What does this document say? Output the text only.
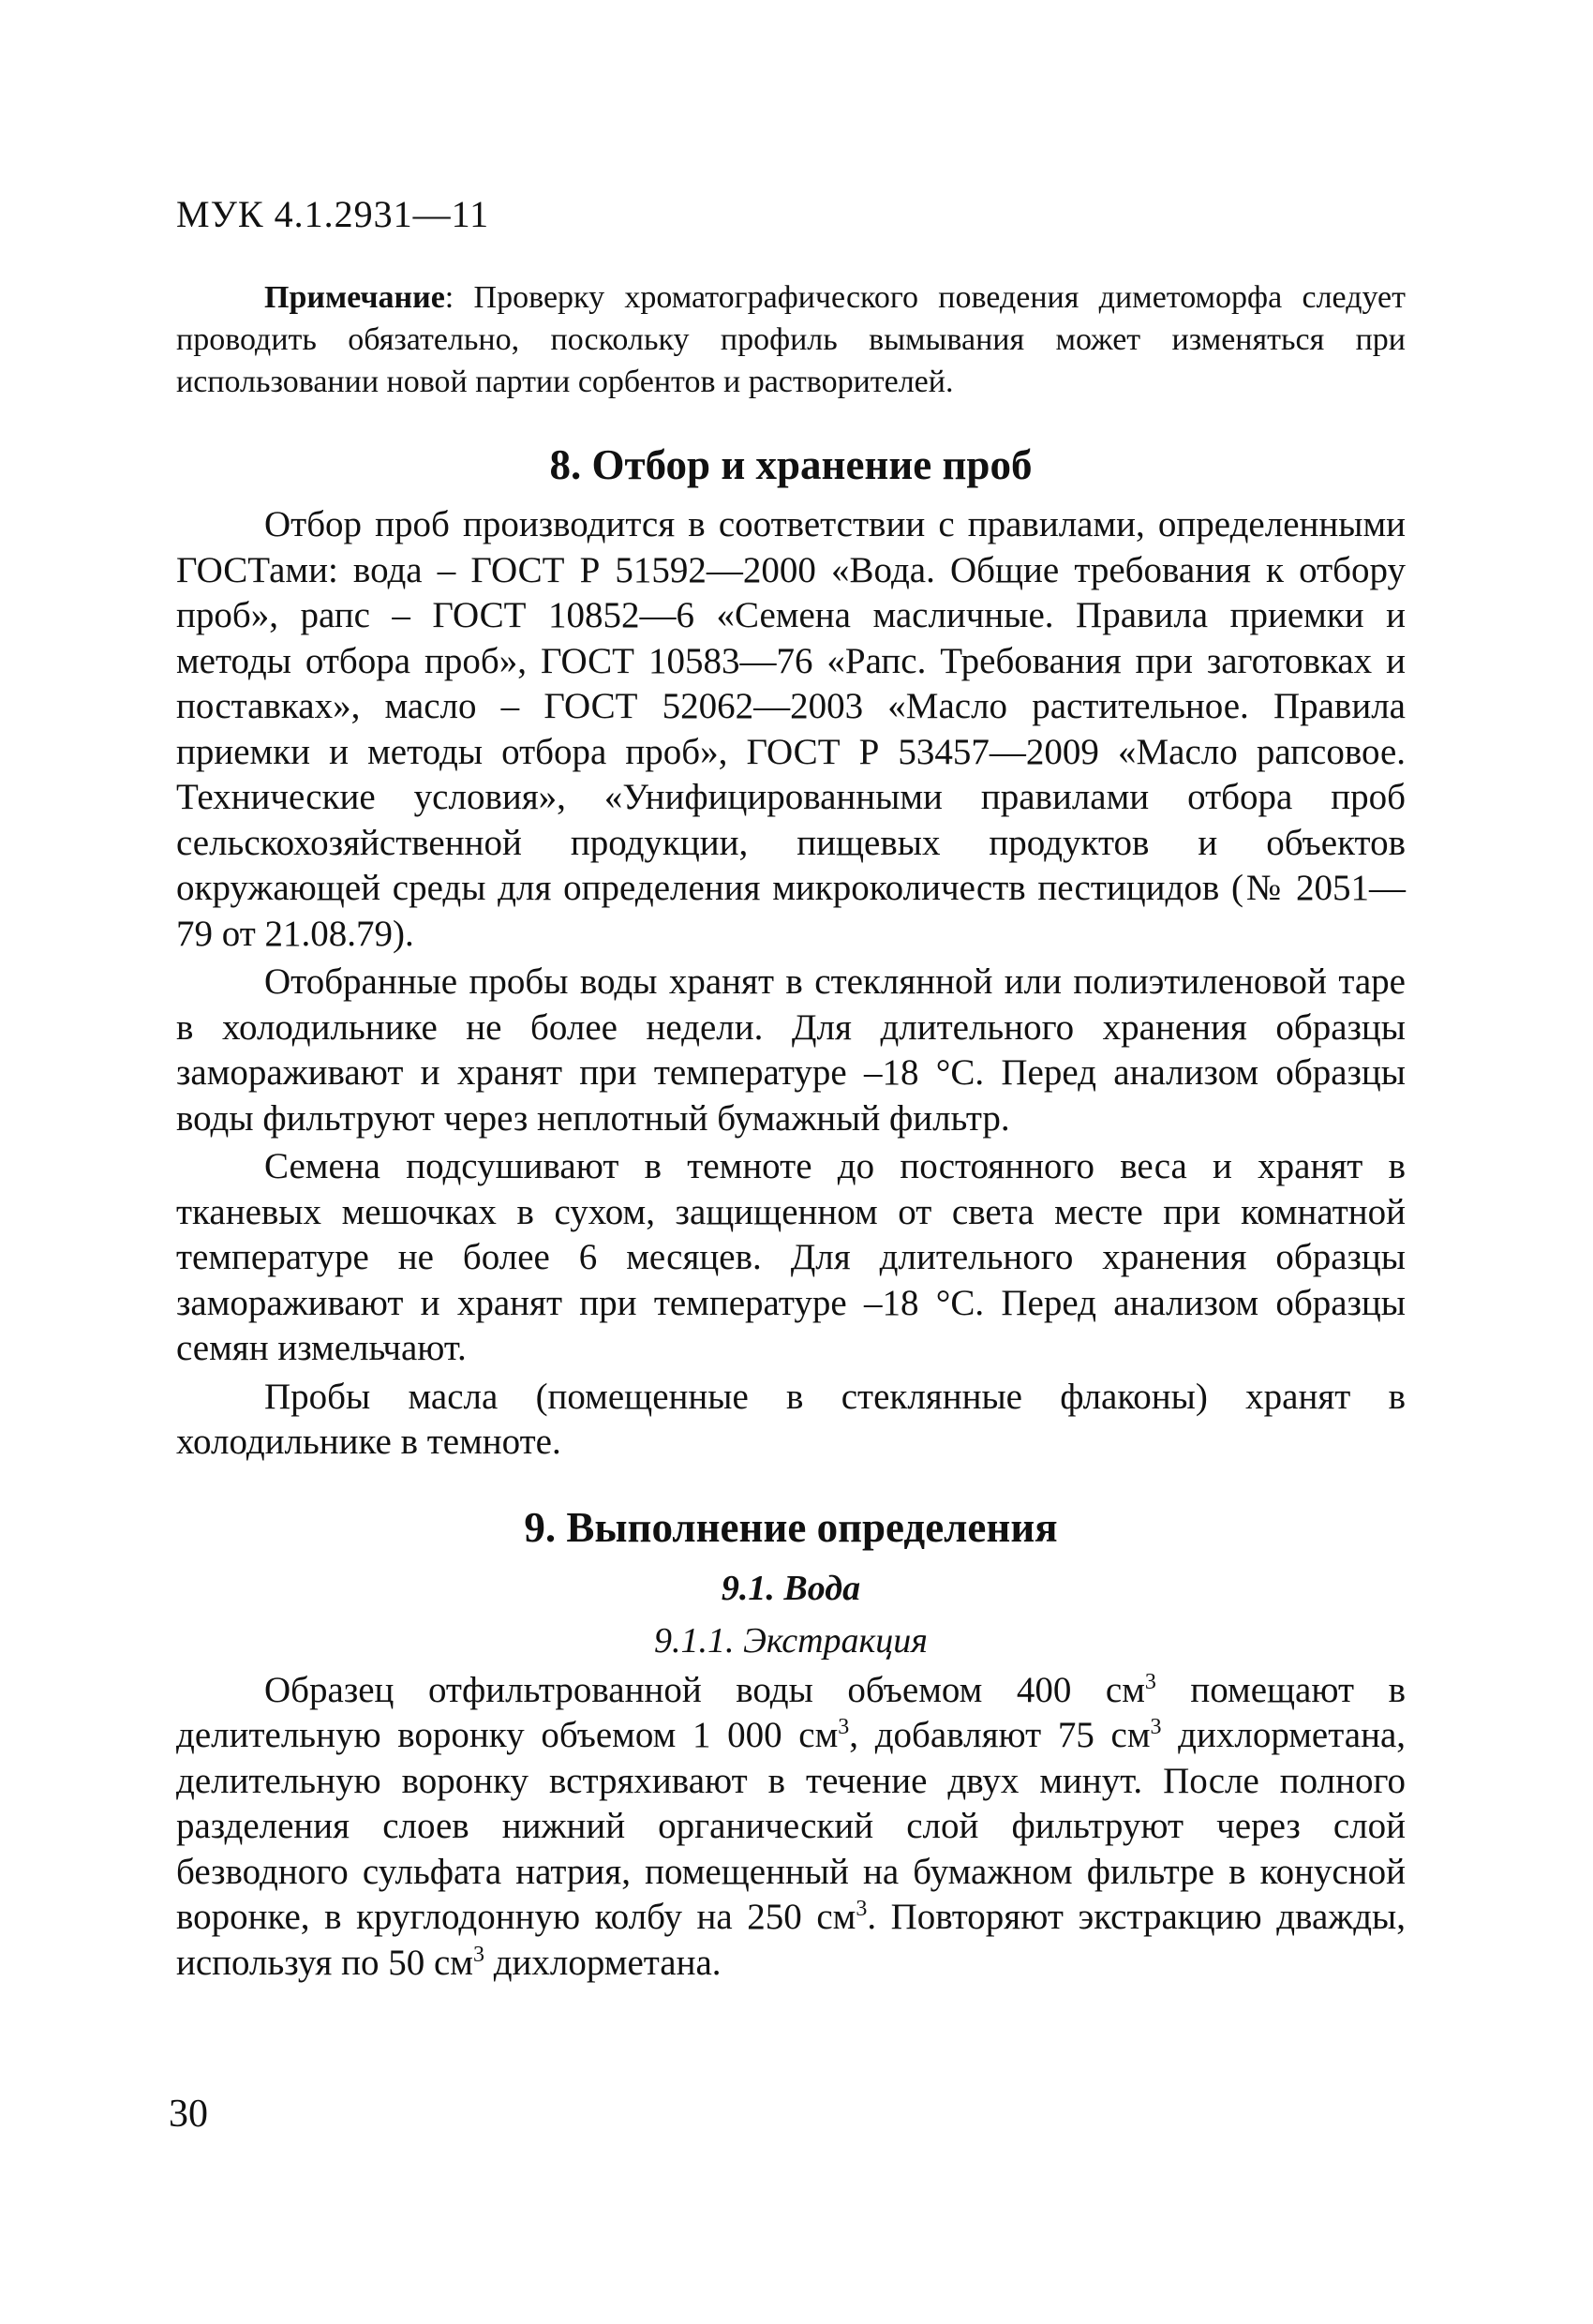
МУК 4.1.2931—11

Примечание: Проверку хроматографического поведения диметоморфа следует проводить обязательно, поскольку профиль вымывания может изменяться при использовании новой партии сорбентов и растворителей.

8. Отбор и хранение проб

Отбор проб производится в соответствии с правилами, определенными ГОСТами: вода – ГОСТ Р 51592—2000 «Вода. Общие требования к отбору проб», рапс – ГОСТ 10852—6 «Семена масличные. Правила приемки и методы отбора проб», ГОСТ 10583—76 «Рапс. Требования при заготовках и поставках», масло – ГОСТ 52062—2003 «Масло растительное. Правила приемки и методы отбора проб», ГОСТ Р 53457—2009 «Масло рапсовое. Технические условия», «Унифицированными правилами отбора проб сельскохозяйственной продукции, пищевых продуктов и объектов окружающей среды для определения микроколичеств пестицидов (№ 2051—79 от 21.08.79).

Отобранные пробы воды хранят в стеклянной или полиэтиленовой таре в холодильнике не более недели. Для длительного хранения образцы замораживают и хранят при температуре –18 °С. Перед анализом образцы воды фильтруют через неплотный бумажный фильтр.

Семена подсушивают в темноте до постоянного веса и хранят в тканевых мешочках в сухом, защищенном от света месте при комнатной температуре не более 6 месяцев. Для длительного хранения образцы замораживают и хранят при температуре –18 °С. Перед анализом образцы семян измельчают.

Пробы масла (помещенные в стеклянные флаконы) хранят в холодильнике в темноте.

9. Выполнение определения
9.1. Вода
9.1.1. Экстракция

Образец отфильтрованной воды объемом 400 $см^3$ помещают в делительную воронку объемом 1 000 $см^3$, добавляют 75 $см^3$ дихлорметана, делительную воронку встряхивают в течение двух минут. После полного разделения слоев нижний органический слой фильтруют через слой безводного сульфата натрия, помещенный на бумажном фильтре в конусной воронке, в круглодонную колбу на 250 $см^3$. Повторяют экстракцию дважды, используя по 50 $см^3$ дихлорметана.

30
